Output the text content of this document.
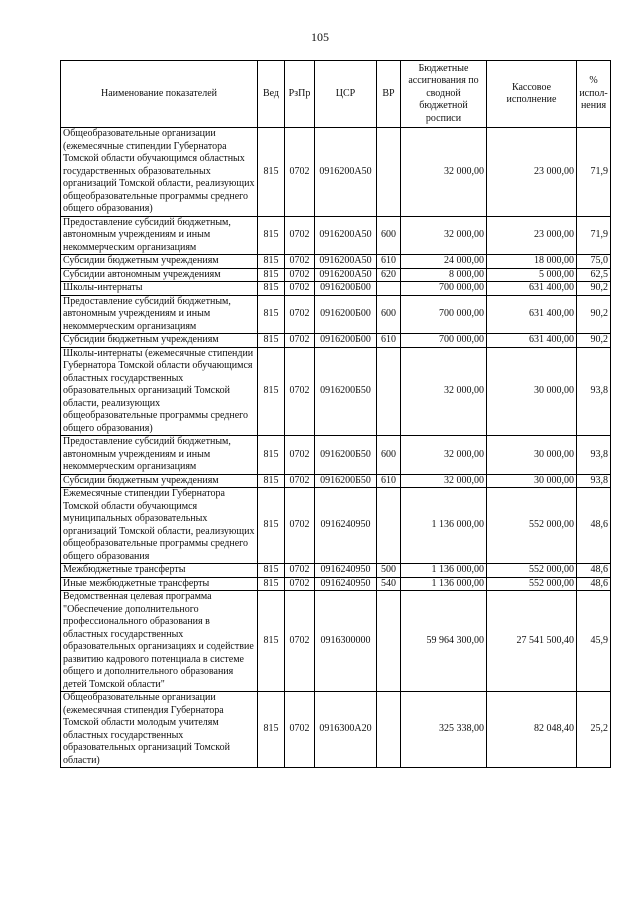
105
Наименование показателей	Вед	РзПр	ЦСР	ВР	Бюджетные ассигнования по сводной бюджетной росписи	Кассовое исполнение	% испол-нения
Общеобразовательные организации (ежемесячные стипендии Губернатора Томской области обучающимся областных государственных образовательных организаций Томской области, реализующих общеобразовательные программы среднего общего образования)	815	0702	0916200A50		32 000,00	23 000,00	71,9
Предоставление субсидий бюджетным, автономным учреждениям и иным некоммерческим организациям	815	0702	0916200A50	600	32 000,00	23 000,00	71,9
Субсидии бюджетным учреждениям	815	0702	0916200A50	610	24 000,00	18 000,00	75,0
Субсидии автономным учреждениям	815	0702	0916200A50	620	8 000,00	5 000,00	62,5
Школы-интернаты	815	0702	0916200Б00		700 000,00	631 400,00	90,2
Предоставление субсидий бюджетным, автономным учреждениям и иным некоммерческим организациям	815	0702	0916200Б00	600	700 000,00	631 400,00	90,2
Субсидии бюджетным учреждениям	815	0702	0916200Б00	610	700 000,00	631 400,00	90,2
Школы-интернаты (ежемесячные стипендии Губернатора Томской области обучающимся областных государственных образовательных организаций Томской области, реализующих общеобразовательные программы среднего общего образования)	815	0702	0916200Б50		32 000,00	30 000,00	93,8
Предоставление субсидий бюджетным, автономным учреждениям и иным некоммерческим организациям	815	0702	0916200Б50	600	32 000,00	30 000,00	93,8
Субсидии бюджетным учреждениям	815	0702	0916200Б50	610	32 000,00	30 000,00	93,8
Ежемесячные стипендии Губернатора Томской области обучающимся муниципальных образовательных организаций Томской области, реализующих общеобразовательные программы среднего общего образования	815	0702	0916240950		1 136 000,00	552 000,00	48,6
Межбюджетные трансферты	815	0702	0916240950	500	1 136 000,00	552 000,00	48,6
Иные межбюджетные трансферты	815	0702	0916240950	540	1 136 000,00	552 000,00	48,6
Ведомственная целевая программа "Обеспечение дополнительного профессионального образования в областных государственных образовательных организациях и содействие развитию кадрового потенциала в системе общего и дополнительного образования детей Томской области"	815	0702	0916300000		59 964 300,00	27 541 500,40	45,9
Общеобразовательные организации (ежемесячная стипендия Губернатора Томской области молодым учителям областных государственных образовательных организаций Томской области)	815	0702	0916300A20		325 338,00	82 048,40	25,2
